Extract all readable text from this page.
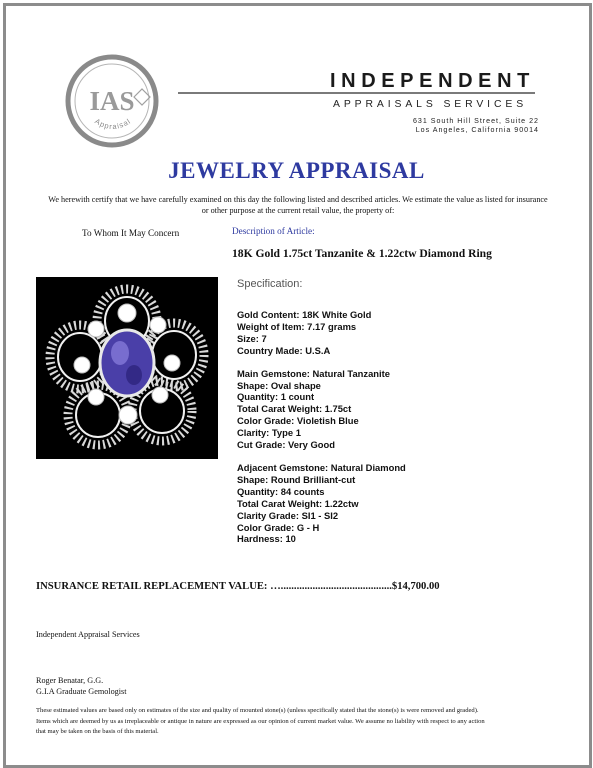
IAS
Appraisal
INDEPENDENT
APPRAISALS SERVICES
631 South Hill Street, Suite 22
Los Angeles, California 90014
JEWELRY APPRAISAL
We herewith certify that we have carefully examined on this day the following listed and described articles. We estimate the value as listed for insurance or other purpose at the current retail value, the property of:
To Whom It May Concern	Description of Article:
18K Gold 1.75ct Tanzanite & 1.22ctw Diamond Ring
Specification:
Gold Content: 18K White Gold
Weight of Item: 7.17 grams
Size: 7
Country Made: U.S.A
Main Gemstone: Natural Tanzanite
Shape: Oval shape
Quantity: 1 count
Total Carat Weight: 1.75ct
Color Grade: Violetish Blue
Clarity: Type 1
Cut Grade: Very Good
Adjacent Gemstone: Natural Diamond
Shape: Round Brilliant-cut
Quantity: 84 counts
Total Carat Weight: 1.22ctw
Clarity Grade: SI1 - SI2
Color Grade: G - H
Hardness: 10
INSURANCE RETAIL REPLACEMENT VALUE: …..........................................$14,700.00
Independent Appraisal Services
Roger Benatar, G.G.
G.I.A Graduate Gemologist
These estimated values are based only on estimates of the size and quality of mounted stone(s) (unless specifically stated that the stone(s) is were removed and graded). Items which are deemed by us as irreplaceable or antique in nature are expressed as our opinion of current market value. We assume no liability with respect to any action that may be taken on the basis of this material.
